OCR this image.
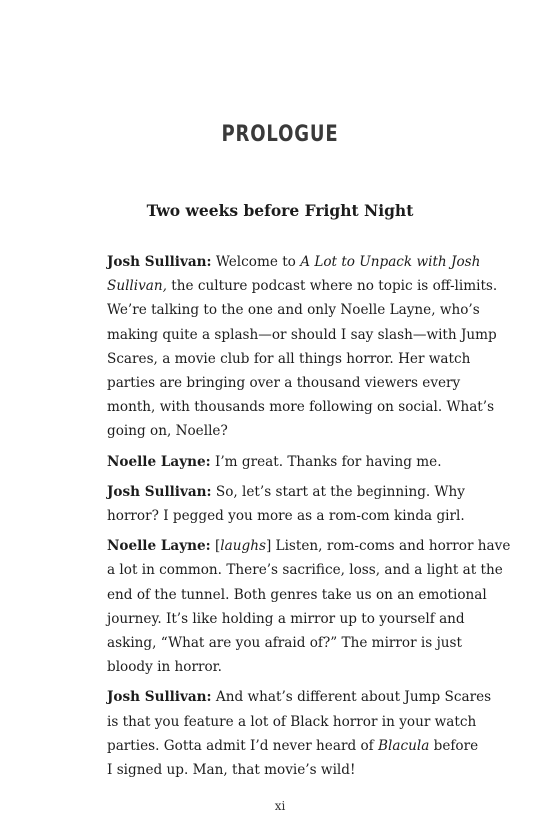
PROLOGUE
Two weeks before Fright Night
Josh Sullivan: Welcome to A Lot to Unpack with Josh
Sullivan, the culture podcast where no topic is off-limits.
We’re talking to the one and only Noelle Layne, who’s
making quite a splash—or should I say slash—with Jump
Scares, a movie club for all things horror. Her watch
parties are bringing over a thousand viewers every
month, with thousands more following on social. What’s
going on, Noelle?
Noelle Layne: I’m great. Thanks for having me.
Josh Sullivan: So, let’s start at the beginning. Why
horror? I pegged you more as a rom-com kinda girl.
Noelle Layne: [laughs] Listen, rom-coms and horror have
a lot in common. There’s sacrifice, loss, and a light at the
end of the tunnel. Both genres take us on an emotional
journey. It’s like holding a mirror up to yourself and
asking, “What are you afraid of?” The mirror is just
bloody in horror.
Josh Sullivan: And what’s different about Jump Scares
is that you feature a lot of Black horror in your watch
parties. Gotta admit I’d never heard of Blacula before
I signed up. Man, that movie’s wild!
xi
